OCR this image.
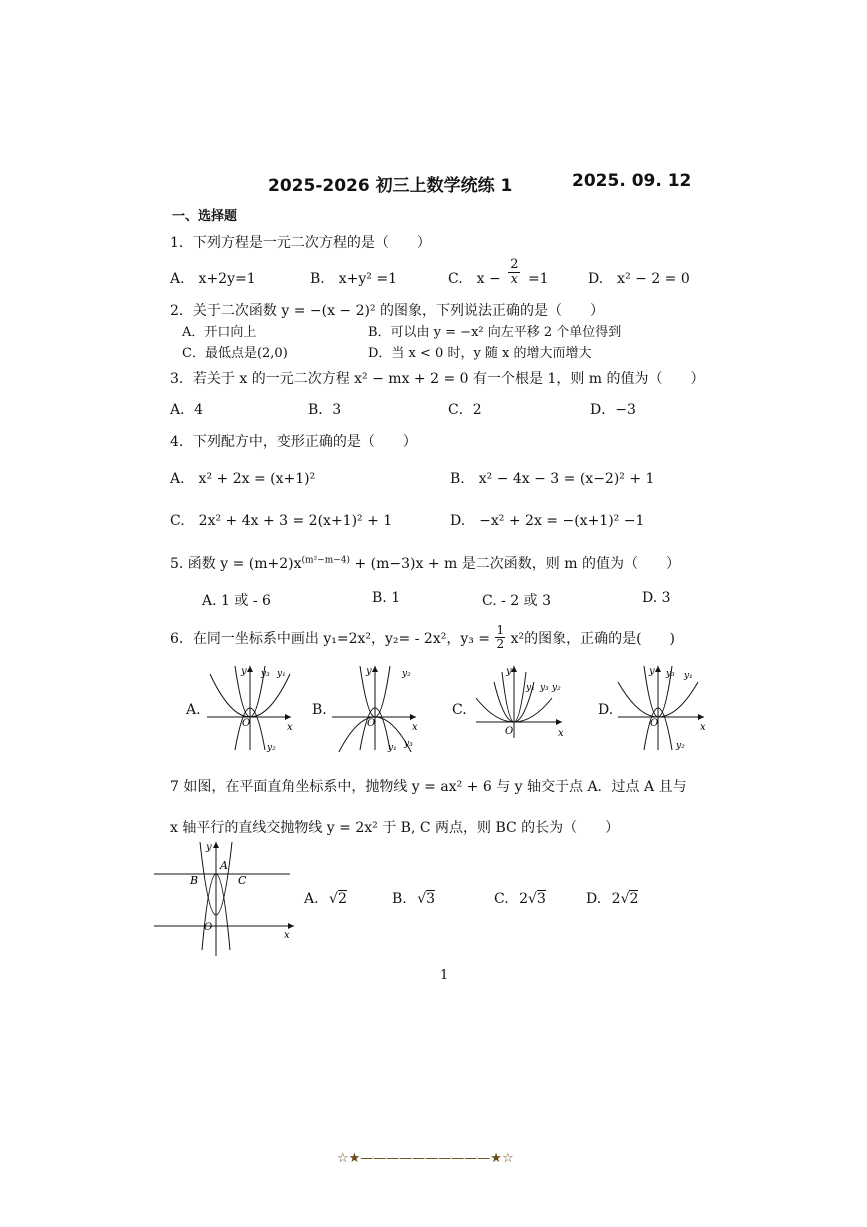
2025-2026 初三上数学统练 1	2025. 09. 12
一、选择题
1．下列方程是一元二次方程的是（　　）
A.　x+2y=1	B.　x+y² =1	C.　$x - \frac{2}{x} =1$	D.　x² − 2 = 0
2．关于二次函数 y = −(x − 2)² 的图象，下列说法正确的是（　　）
A．开口向上	B．可以由 y = −x² 向左平移 2 个单位得到
C．最低点是(2,0)	D．当 x < 0 时，y 随 x 的增大而增大
3．若关于 x 的一元二次方程 x² − mx + 2 = 0 有一个根是 1，则 m 的值为（　　）
A．4	B．3	C．2	D．−3
4．下列配方中，变形正确的是（　　）
A.　x² + 2x = (x+1)²	B.　x² − 4x − 3 = (x−2)² + 1
C.　2x² + 4x + 3 = 2(x+1)² + 1	D.　−x² + 2x = −(x+1)² −1
5. 函数 $y = (m+2)x^{(m^2-m-4)} + (m-3)x + m$ 是二次函数，则 m 的值为（　　）
A. 1 或 - 6	B. 1	C. - 2 或 3	D. 3
6．在同一坐标系中画出 y₁=2x²，y₂= - 2x²，$y_3 = \frac{1}{2} x^2$的图象，正确的是(　　)
A.
O	x
y y₃ y₁
y₂
B.
O	x
y	y₂
y₁ y₃
C.
O	x
y
y₁ y₃ y₂
D.
O	x
y y₃ y₁
y₂
7 如图，在平面直角坐标系中，抛物线 y = ax² + 6 与 y 轴交于点 A．过点 A 且与
x 轴平行的直线交抛物线 y = 2x² 于 B, C 两点，则 BC 的长为（　　）
O
x
y
A
B	C
A. √2	B. √3	C. 2√3	D. 2√2
1
☆★——————————★☆
